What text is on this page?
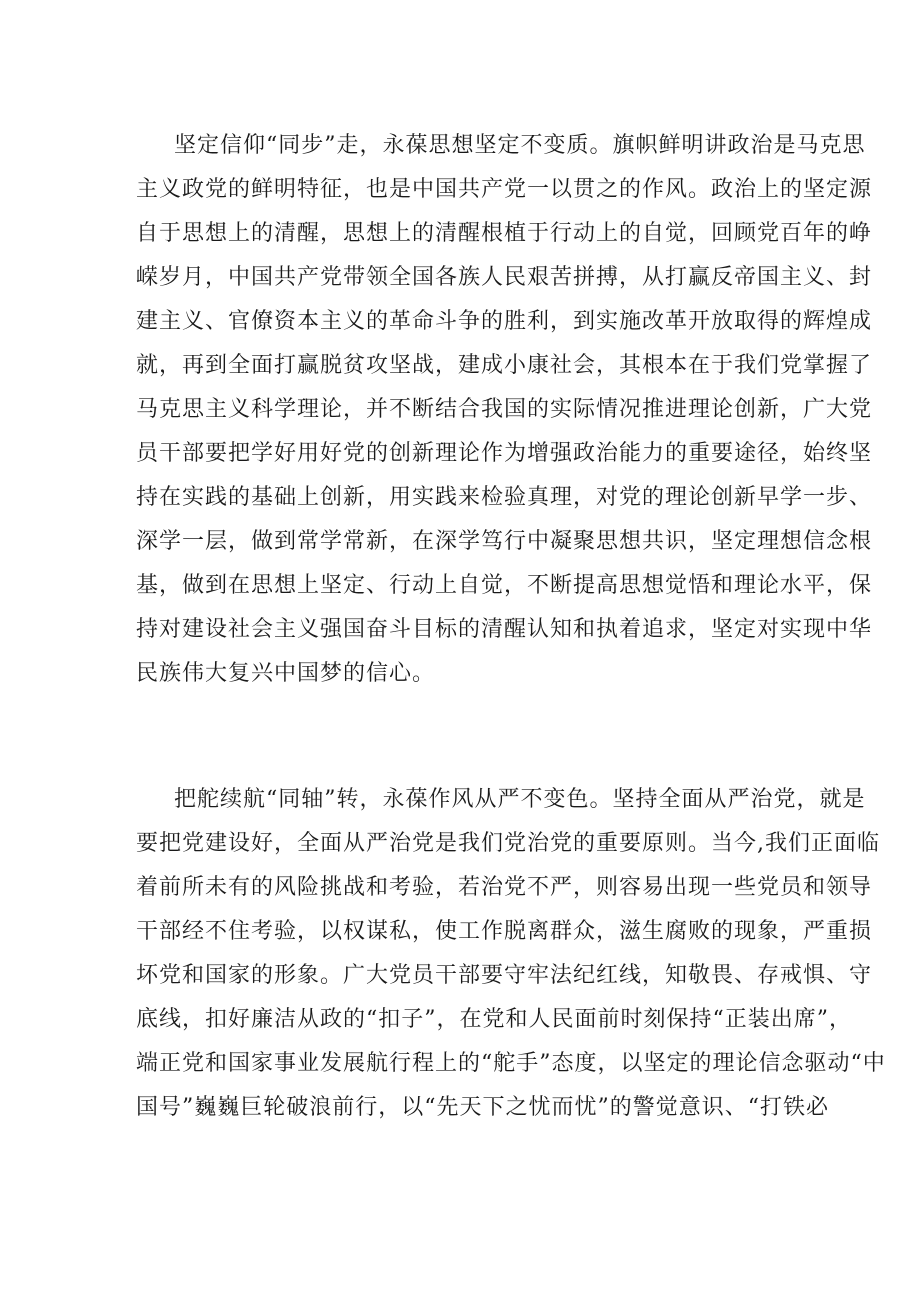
坚定信仰“同步”走，永葆思想坚定不变质。旗帜鲜明讲政治是马克思
主义政党的鲜明特征，也是中国共产党一以贯之的作风。政治上的坚定源
自于思想上的清醒，思想上的清醒根植于行动上的自觉，回顾党百年的峥
嵘岁月，中国共产党带领全国各族人民艰苦拼搏，从打赢反帝国主义、封
建主义、官僚资本主义的革命斗争的胜利，到实施改革开放取得的辉煌成
就，再到全面打赢脱贫攻坚战，建成小康社会，其根本在于我们党掌握了
马克思主义科学理论，并不断结合我国的实际情况推进理论创新，广大党
员干部要把学好用好党的创新理论作为增强政治能力的重要途径，始终坚
持在实践的基础上创新，用实践来检验真理，对党的理论创新早学一步、
深学一层，做到常学常新，在深学笃行中凝聚思想共识，坚定理想信念根
基，做到在思想上坚定、行动上自觉，不断提高思想觉悟和理论水平，保
持对建设社会主义强国奋斗目标的清醒认知和执着追求，坚定对实现中华
民族伟大复兴中国梦的信心。

把舵续航“同轴”转，永葆作风从严不变色。坚持全面从严治党，就是
要把党建设好，全面从严治党是我们党治党的重要原则。当今,我们正面临
着前所未有的风险挑战和考验，若治党不严，则容易出现一些党员和领导
干部经不住考验，以权谋私，使工作脱离群众，滋生腐败的现象，严重损
坏党和国家的形象。广大党员干部要守牢法纪红线，知敬畏、存戒惧、守
底线，扣好廉洁从政的“扣子”，在党和人民面前时刻保持“正装出席”，
端正党和国家事业发展航行程上的“舵手”态度，以坚定的理论信念驱动“中
国号”巍巍巨轮破浪前行，以“先天下之忧而忧”的警觉意识、“打铁必
